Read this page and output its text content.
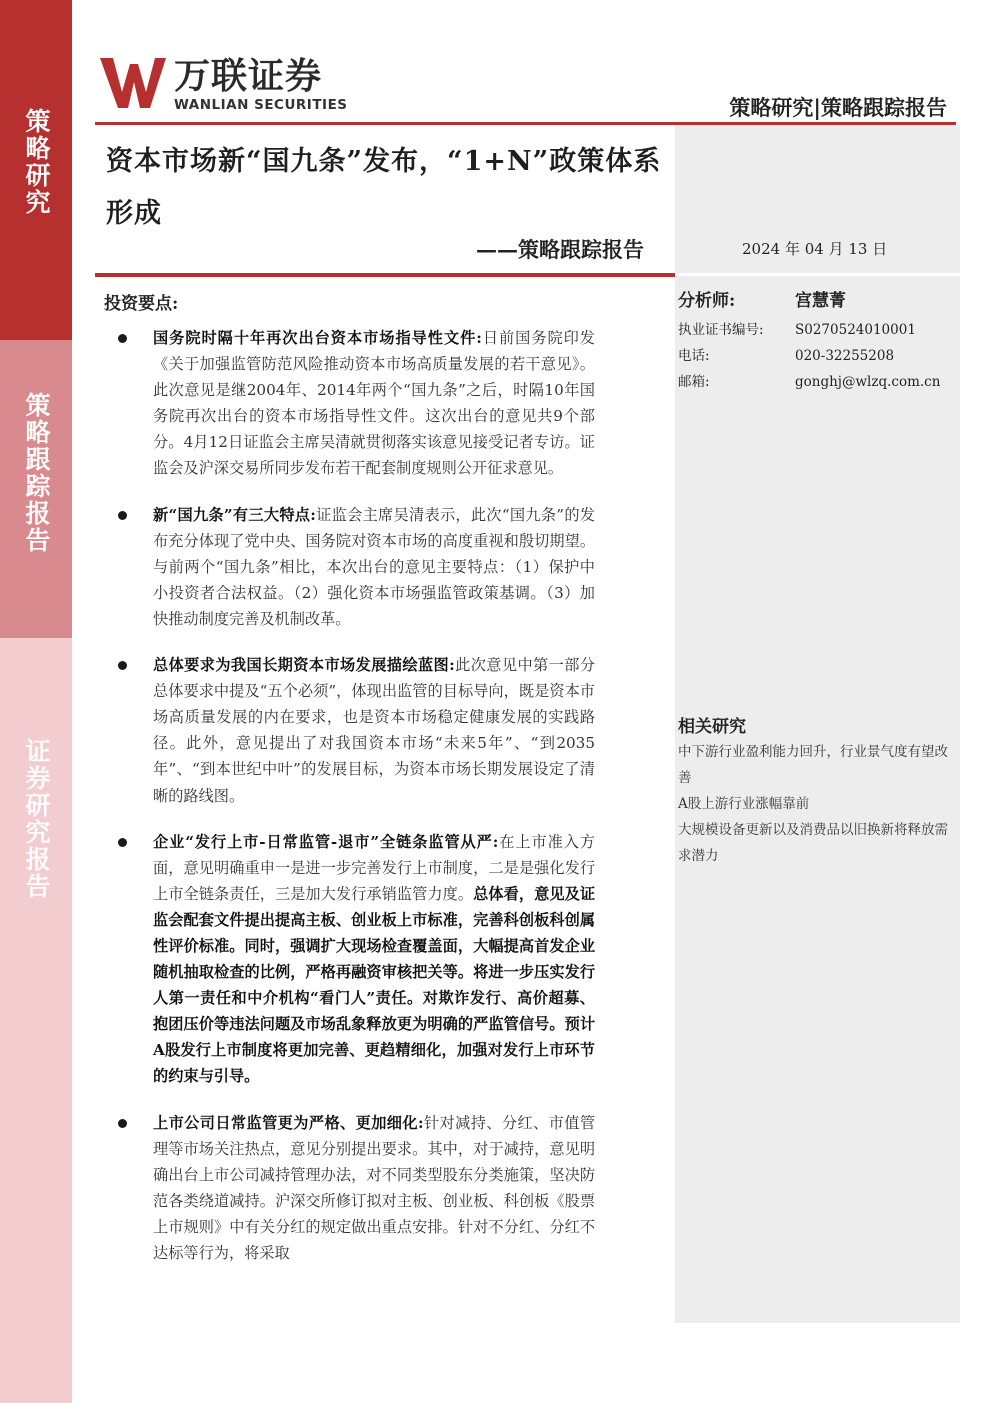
策略研究
策略跟踪报告
证券研究报告
万联证券
WANLIAN SECURITIES	策略研究|策略跟踪报告
资本市场新“国九条”发布，“1+N”政策体系形成
——策略跟踪报告	2024 年 04 月 13 日
投资要点:
国务院时隔十年再次出台资本市场指导性文件:日前国务院印发《关于加强监管防范风险推动资本市场高质量发展的若干意见》。此次意见是继2004年、2014年两个“国九条”之后，时隔10年国务院再次出台的资本市场指导性文件。这次出台的意见共9个部分。4月12日证监会主席吴清就贯彻落实该意见接受记者专访。证监会及沪深交易所同步发布若干配套制度规则公开征求意见。
新“国九条”有三大特点:证监会主席吴清表示，此次“国九条”的发布充分体现了党中央、国务院对资本市场的高度重视和殷切期望。与前两个“国九条”相比，本次出台的意见主要特点：（1）保护中小投资者合法权益。（2）强化资本市场强监管政策基调。（3）加快推动制度完善及机制改革。
总体要求为我国长期资本市场发展描绘蓝图:此次意见中第一部分总体要求中提及“五个必须”，体现出监管的目标导向，既是资本市场高质量发展的内在要求，也是资本市场稳定健康发展的实践路径。此外，意见提出了对我国资本市场“未来5年”、“到2035年”、“到本世纪中叶”的发展目标，为资本市场长期发展设定了清晰的路线图。
企业“发行上市-日常监管-退市”全链条监管从严:在上市准入方面，意见明确重申一是进一步完善发行上市制度，二是是强化发行上市全链条责任，三是加大发行承销监管力度。总体看，意见及证监会配套文件提出提高主板、创业板上市标准，完善科创板科创属性评价标准。同时，强调扩大现场检查覆盖面，大幅提高首发企业随机抽取检查的比例，严格再融资审核把关等。将进一步压实发行人第一责任和中介机构“看门人”责任。对欺诈发行、高价超募、抱团压价等违法问题及市场乱象释放更为明确的严监管信号。预计A股发行上市制度将更加完善、更趋精细化，加强对发行上市环节的约束与引导。
上市公司日常监管更为严格、更加细化:针对减持、分红、市值管理等市场关注热点，意见分别提出要求。其中，对于减持，意见明确出台上市公司减持管理办法，对不同类型股东分类施策，坚决防范各类绕道减持。沪深交所修订拟对主板、创业板、科创板《股票上市规则》中有关分红的规定做出重点安排。针对不分红、分红不达标等行为，将采取
分析师:	宫慧菁
执业证书编号:	S0270524010001
电话:	020-32255208
邮箱:	gonghj@wlzq.com.cn
相关研究
中下游行业盈利能力回升，行业景气度有望改善
A股上游行业涨幅靠前
大规模设备更新以及消费品以旧换新将释放需求潜力
